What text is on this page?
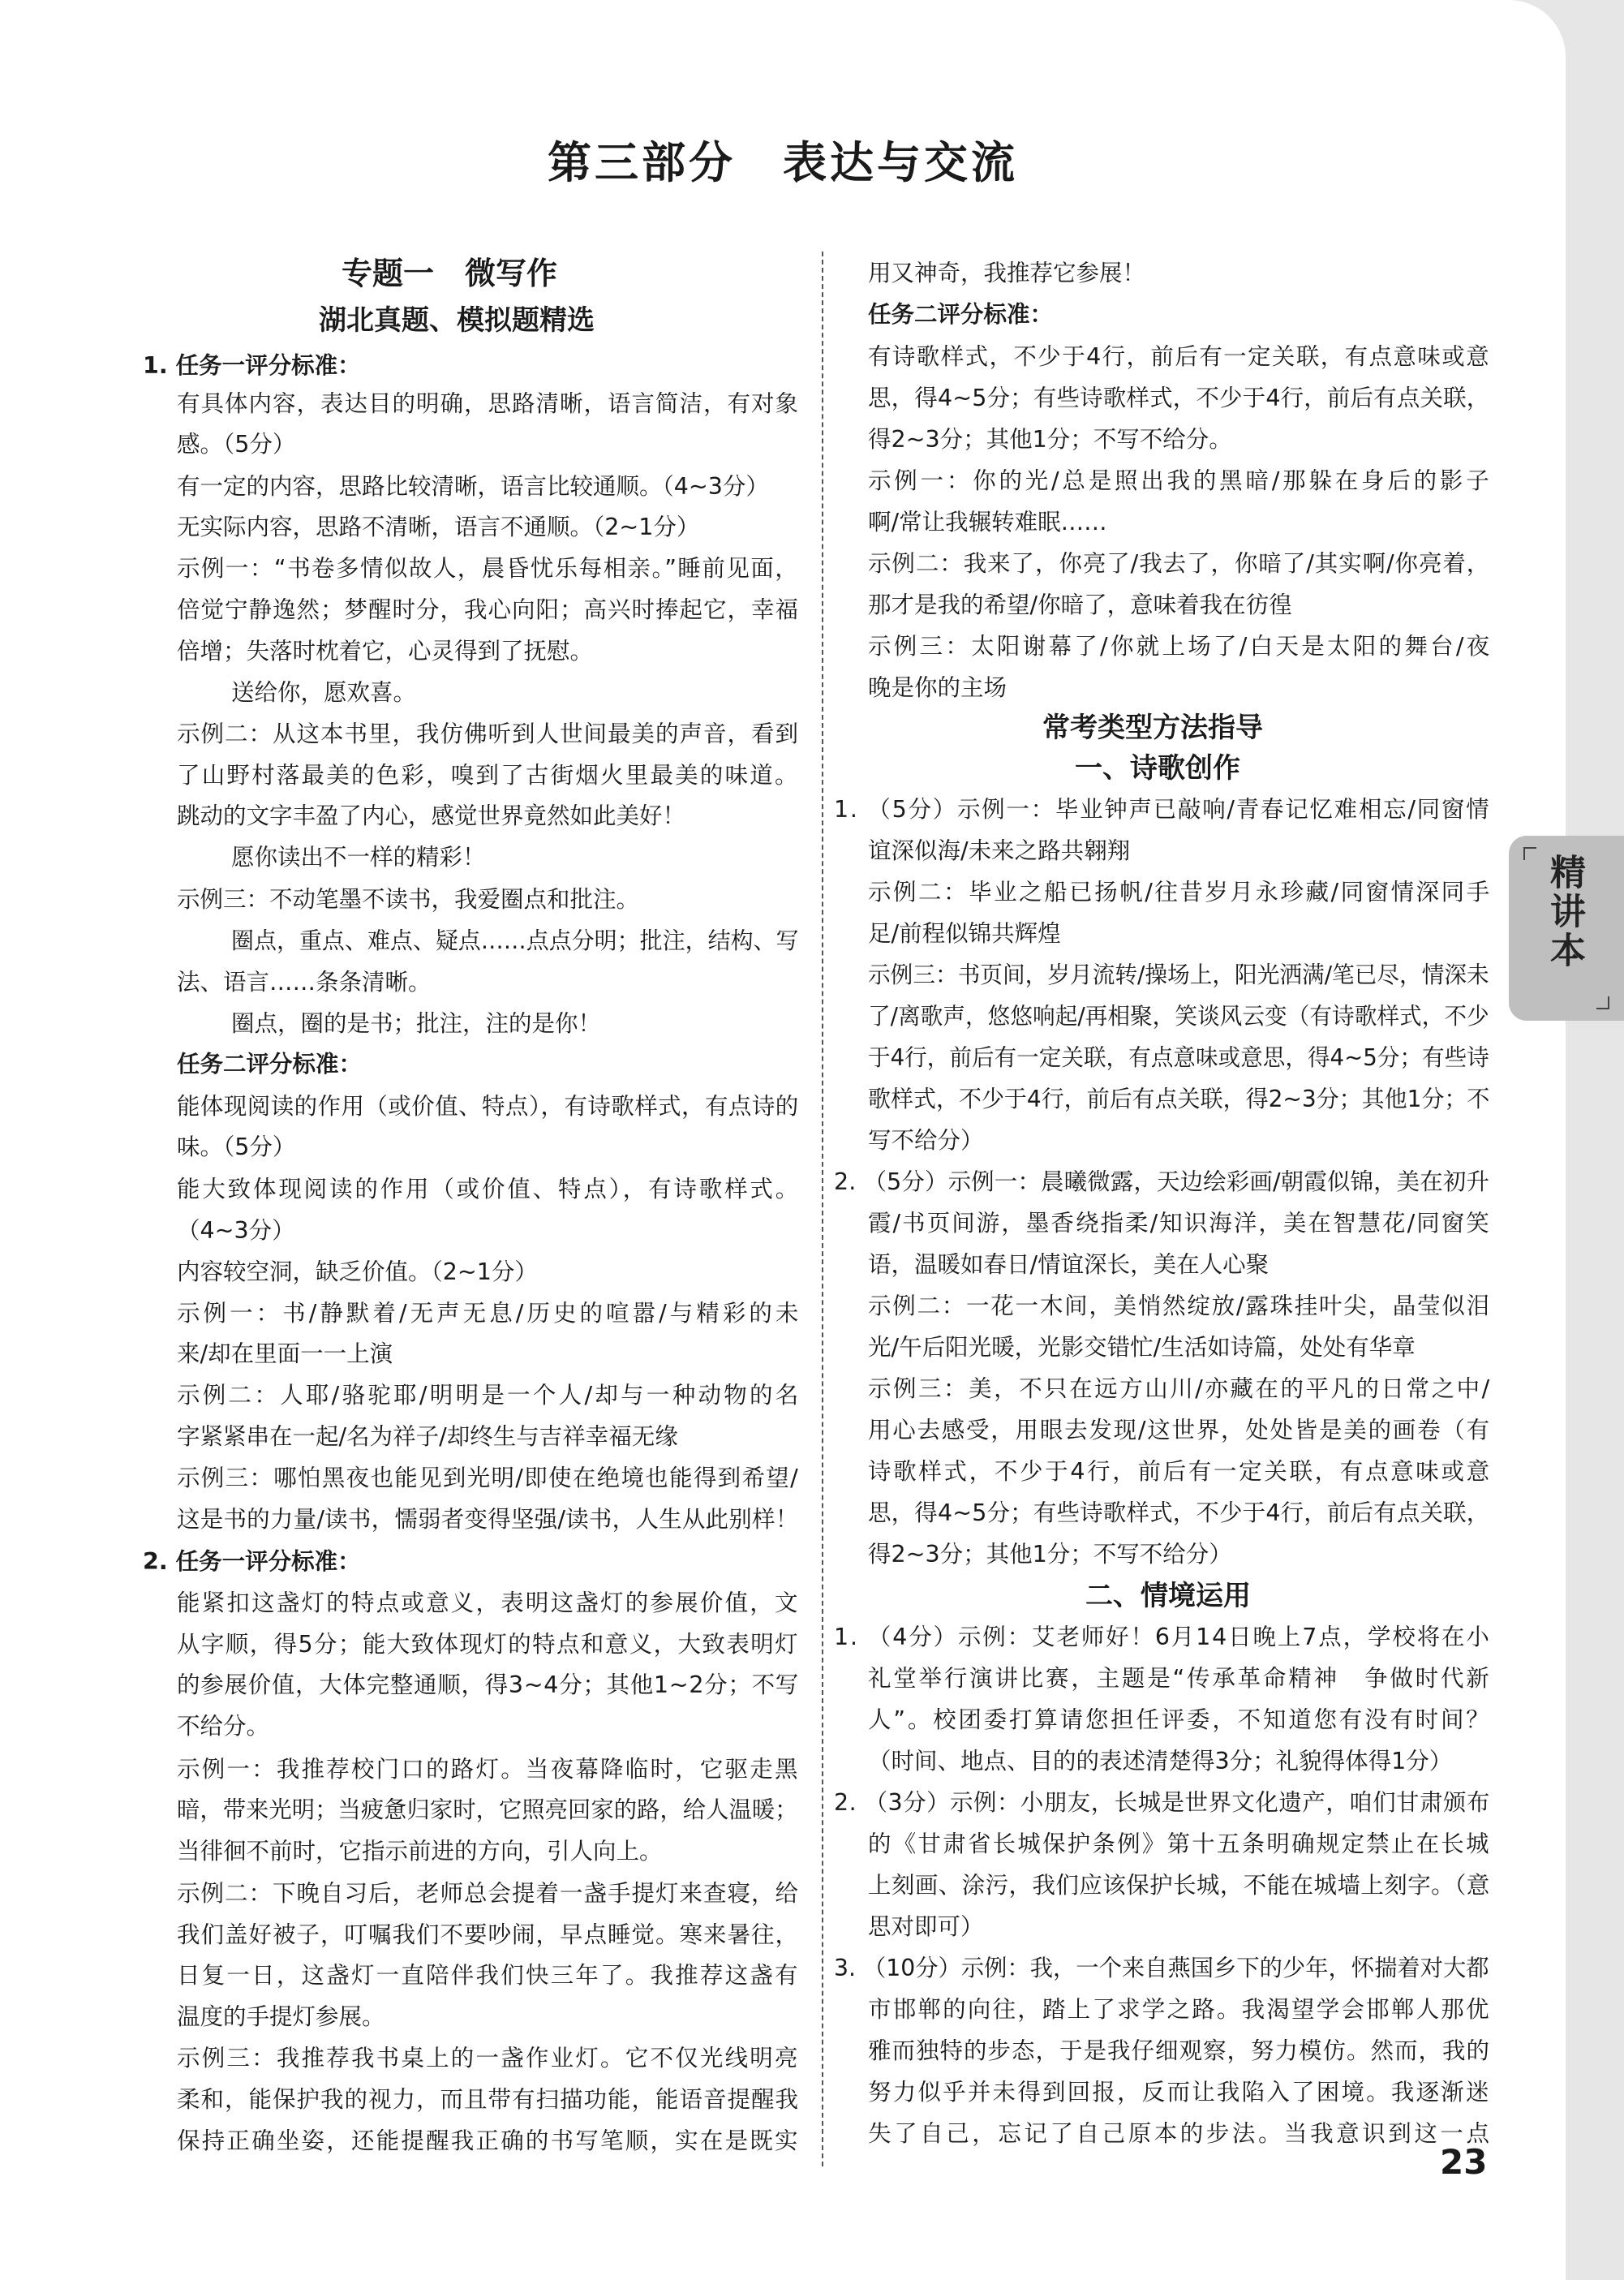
第三部分　表达与交流
专题一　微写作
湖北真题、模拟题精选
1. 任务一评分标准：
有具体内容，表达目的明确，思路清晰，语言简洁，有对象
感。（5分）
有一定的内容，思路比较清晰，语言比较通顺。（4~3分）
无实际内容，思路不清晰，语言不通顺。（2~1分）
示例一：“书卷多情似故人，晨昏忧乐每相亲。”睡前见面，
倍觉宁静逸然；梦醒时分，我心向阳；高兴时捧起它，幸福
倍增；失落时枕着它，心灵得到了抚慰。
送给你，愿欢喜。
示例二：从这本书里，我仿佛听到人世间最美的声音，看到
了山野村落最美的色彩，嗅到了古街烟火里最美的味道。
跳动的文字丰盈了内心，感觉世界竟然如此美好！
愿你读出不一样的精彩！
示例三：不动笔墨不读书，我爱圈点和批注。
圈点，重点、难点、疑点……点点分明；批注，结构、写
法、语言……条条清晰。
圈点，圈的是书；批注，注的是你！
任务二评分标准：
能体现阅读的作用（或价值、特点），有诗歌样式，有点诗的
味。（5分）
能大致体现阅读的作用（或价值、特点），有诗歌样式。
（4~3分）
内容较空洞，缺乏价值。（2~1分）
示例一：书/静默着/无声无息/历史的喧嚣/与精彩的未
来/却在里面一一上演
示例二：人耶/骆驼耶/明明是一个人/却与一种动物的名
字紧紧串在一起/名为祥子/却终生与吉祥幸福无缘
示例三：哪怕黑夜也能见到光明/即使在绝境也能得到希望/
这是书的力量/读书，懦弱者变得坚强/读书，人生从此别样！
2. 任务一评分标准：
能紧扣这盏灯的特点或意义，表明这盏灯的参展价值，文
从字顺，得5分；能大致体现灯的特点和意义，大致表明灯
的参展价值，大体完整通顺，得3~4分；其他1~2分；不写
不给分。
示例一：我推荐校门口的路灯。当夜幕降临时，它驱走黑
暗，带来光明；当疲惫归家时，它照亮回家的路，给人温暖；
当徘徊不前时，它指示前进的方向，引人向上。
示例二：下晚自习后，老师总会提着一盏手提灯来查寝，给
我们盖好被子，叮嘱我们不要吵闹，早点睡觉。寒来暑往，
日复一日，这盏灯一直陪伴我们快三年了。我推荐这盏有
温度的手提灯参展。
示例三：我推荐我书桌上的一盏作业灯。它不仅光线明亮
柔和，能保护我的视力，而且带有扫描功能，能语音提醒我
保持正确坐姿，还能提醒我正确的书写笔顺，实在是既实
用又神奇，我推荐它参展！
任务二评分标准：
有诗歌样式，不少于4行，前后有一定关联，有点意味或意
思，得4~5分；有些诗歌样式，不少于4行，前后有点关联，
得2~3分；其他1分；不写不给分。
示例一：你的光/总是照出我的黑暗/那躲在身后的影子
啊/常让我辗转难眠……
示例二：我来了，你亮了/我去了，你暗了/其实啊/你亮着，
那才是我的希望/你暗了，意味着我在彷徨
示例三：太阳谢幕了/你就上场了/白天是太阳的舞台/夜
晚是你的主场
常考类型方法指导
一、诗歌创作
1. （5分）示例一：毕业钟声已敲响/青春记忆难相忘/同窗情
谊深似海/未来之路共翱翔
示例二：毕业之船已扬帆/往昔岁月永珍藏/同窗情深同手
足/前程似锦共辉煌
示例三：书页间，岁月流转/操场上，阳光洒满/笔已尽，情深未
了/离歌声，悠悠响起/再相聚，笑谈风云变（有诗歌样式，不少
于4行，前后有一定关联，有点意味或意思，得4~5分；有些诗
歌样式，不少于4行，前后有点关联，得2~3分；其他1分；不
写不给分）
2. （5分）示例一：晨曦微露，天边绘彩画/朝霞似锦，美在初升
霞/书页间游，墨香绕指柔/知识海洋，美在智慧花/同窗笑
语，温暖如春日/情谊深长，美在人心聚
示例二：一花一木间，美悄然绽放/露珠挂叶尖，晶莹似泪
光/午后阳光暖，光影交错忙/生活如诗篇，处处有华章
示例三：美，不只在远方山川/亦藏在的平凡的日常之中/
用心去感受，用眼去发现/这世界，处处皆是美的画卷（有
诗歌样式，不少于4行，前后有一定关联，有点意味或意
思，得4~5分；有些诗歌样式，不少于4行，前后有点关联，
得2~3分；其他1分；不写不给分）
二、情境运用
1. （4分）示例：艾老师好！6月14日晚上7点，学校将在小
礼堂举行演讲比赛，主题是“传承革命精神　争做时代新
人”。校团委打算请您担任评委，不知道您有没有时间？
（时间、地点、目的的表述清楚得3分；礼貌得体得1分）
2. （3分）示例：小朋友，长城是世界文化遗产，咱们甘肃颁布
的《甘肃省长城保护条例》第十五条明确规定禁止在长城
上刻画、涂污，我们应该保护长城，不能在城墙上刻字。（意
思对即可）
3. （10分）示例：我，一个来自燕国乡下的少年，怀揣着对大都
市邯郸的向往，踏上了求学之路。我渴望学会邯郸人那优
雅而独特的步态，于是我仔细观察，努力模仿。然而，我的
努力似乎并未得到回报，反而让我陷入了困境。我逐渐迷
失了自己，忘记了自己原本的步法。当我意识到这一点
23
精讲本
